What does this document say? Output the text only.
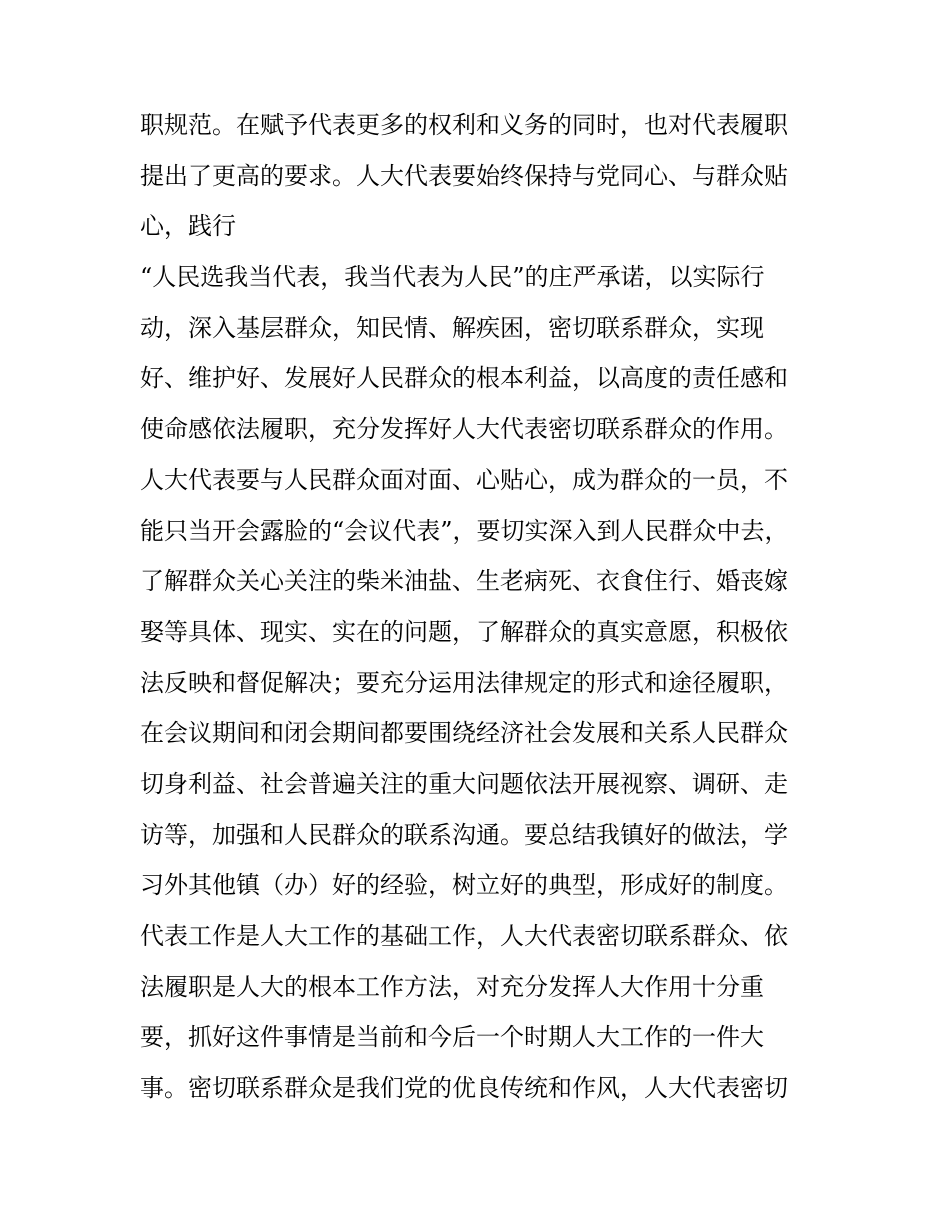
职规范。在赋予代表更多的权利和义务的同时，也对代表履职
提出了更高的要求。人大代表要始终保持与党同心、与群众贴
心，践行
“人民选我当代表，我当代表为人民”的庄严承诺，以实际行
动，深入基层群众，知民情、解疾困，密切联系群众，实现
好、维护好、发展好人民群众的根本利益，以高度的责任感和
使命感依法履职，充分发挥好人大代表密切联系群众的作用。
人大代表要与人民群众面对面、心贴心，成为群众的一员，不
能只当开会露脸的“会议代表”，要切实深入到人民群众中去，
了解群众关心关注的柴米油盐、生老病死、衣食住行、婚丧嫁
娶等具体、现实、实在的问题，了解群众的真实意愿，积极依
法反映和督促解决；要充分运用法律规定的形式和途径履职，
在会议期间和闭会期间都要围绕经济社会发展和关系人民群众
切身利益、社会普遍关注的重大问题依法开展视察、调研、走
访等，加强和人民群众的联系沟通。要总结我镇好的做法，学
习外其他镇（办）好的经验，树立好的典型，形成好的制度。
代表工作是人大工作的基础工作，人大代表密切联系群众、依
法履职是人大的根本工作方法，对充分发挥人大作用十分重
要，抓好这件事情是当前和今后一个时期人大工作的一件大
事。密切联系群众是我们党的优良传统和作风，人大代表密切
